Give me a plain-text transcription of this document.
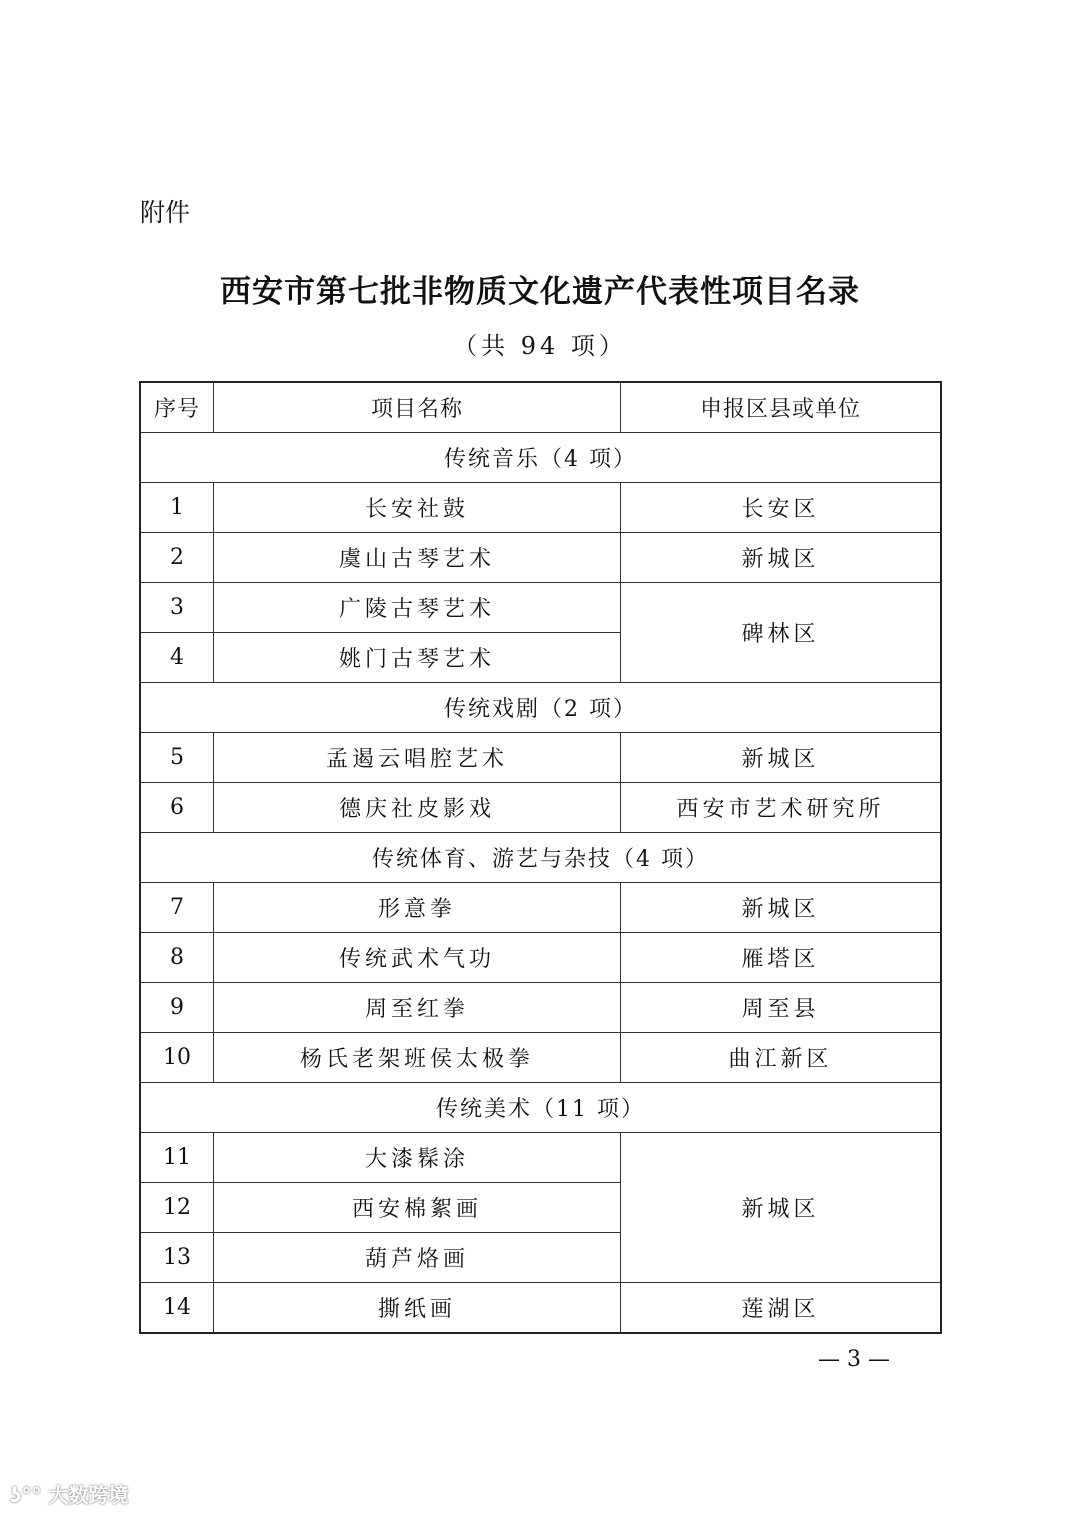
附件
西安市第七批非物质文化遗产代表性项目名录
（共 94 项）
序号	项目名称	申报区县或单位
传统音乐（4 项）		
1	长安社鼓	长安区
2	虞山古琴艺术	新城区
3	广陵古琴艺术	碑林区
4	姚门古琴艺术	
传统戏剧（2 项）		
5	孟遏云唱腔艺术	新城区
6	德庆社皮影戏	西安市艺术研究所
传统体育、游艺与杂技（4 项）		
7	形意拳	新城区
8	传统武术气功	雁塔区
9	周至红拳	周至县
10	杨氏老架班侯太极拳	曲江新区
传统美术（11 项）		
11	大漆髹涂	新城区
12	西安棉絮画	
13	葫芦烙画	
14	撕纸画	莲湖区
— 3 —
ʖ°° 大数跨境
